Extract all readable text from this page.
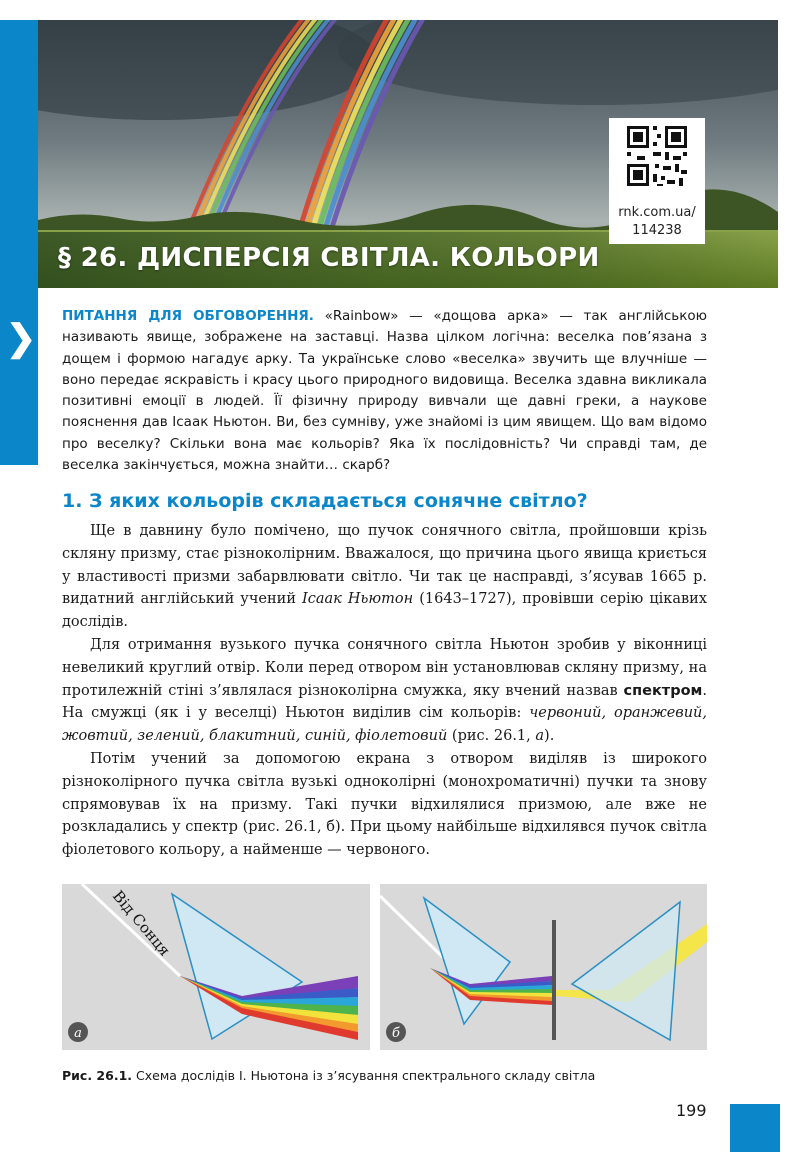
❯
rnk.com.ua/
114238
§ 26. ДИСПЕРСІЯ СВІТЛА. КОЛЬОРИ
ПИТАННЯ ДЛЯ ОБГОВОРЕННЯ. «Rainbow» — «дощова арка» — так англійською називають явище, зображене на заставці. Назва цілком логічна: веселка пов’язана з дощем і формою нагадує арку. Та українське слово «веселка» звучить ще влучніше — воно передає яскравість і красу цього природного видовища. Веселка здавна викликала позитивні емоції в людей. Її фізичну природу вивчали ще давні греки, а наукове пояснення дав Ісаак Ньютон. Ви, без сумніву, уже знайомі із цим явищем. Що вам відомо про веселку? Скільки вона має кольорів? Яка їх послідовність? Чи справді там, де веселка закінчується, можна знайти… скарб?
1. З яких кольорів складається сонячне світло?

Ще в давнину було помічено, що пучок сонячного світла, пройшовши крізь скляну призму, стає різноколірним. Вважалося, що причина цього явища криється у властивості призми забарвлювати світло. Чи так це насправді, з’ясував 1665 р. видатний англійський учений Ісаак Ньютон (1643–1727), провівши серію цікавих дослідів.

Для отримання вузького пучка сонячного світла Ньютон зробив у віконниці невеликий круглий отвір. Коли перед отвором він установлював скляну призму, на протилежній стіні з’являлася різноколірна смужка, яку вчений назвав спектром. На смужці (як і у веселці) Ньютон виділив сім кольорів: червоний, оранжевий, жовтий, зелений, блакитний, синій, фіолетовий (рис. 26.1, а).

Потім учений за допомогою екрана з отвором виділяв із широкого різноколірного пучка світла вузькі одноколірні (монохроматичні) пучки та знову спрямовував їх на призму. Такі пучки відхилялися призмою, але вже не розкладались у спектр (рис. 26.1, б). При цьому найбільше відхилявся пучок світла фіолетового кольору, а найменше — червоного.

Від Сонця
а	б
Рис. 26.1. Схема дослідів І. Ньютона із з’ясування спектрального складу світла
199
